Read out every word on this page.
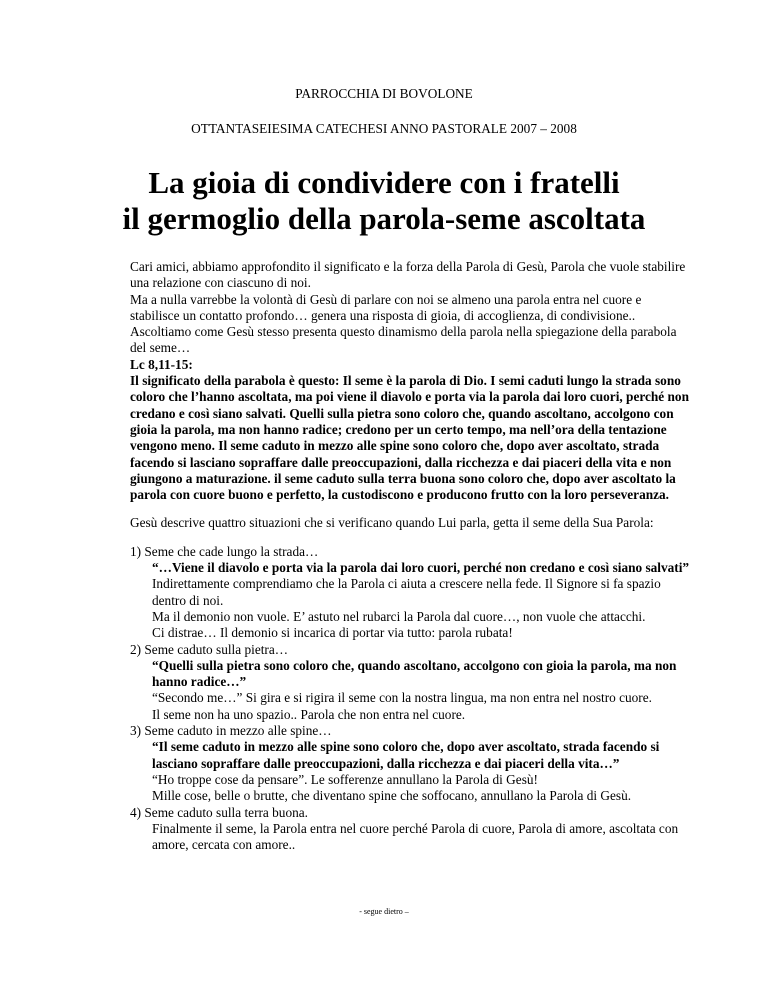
PARROCCHIA DI BOVOLONE
OTTANTASEIESIMA CATECHESI ANNO PASTORALE 2007 – 2008
La gioia di condividere con i fratelli
il germoglio della parola-seme ascoltata

Cari amici, abbiamo approfondito il significato e la forza della Parola di Gesù, Parola che vuole stabilire una relazione con ciascuno di noi.

Ma a nulla varrebbe la volontà di Gesù di parlare con noi se almeno una parola entra nel cuore e stabilisce un contatto profondo… genera una risposta di gioia, di accoglienza, di condivisione..

Ascoltiamo come Gesù stesso presenta questo dinamismo della parola nella spiegazione della parabola del seme…

Lc 8,11-15:

Il significato della parabola è questo: Il seme è la parola di Dio. I semi caduti lungo la strada sono coloro che l’hanno ascoltata, ma poi viene il diavolo e porta via la parola dai loro cuori, perché non credano e così siano salvati. Quelli sulla pietra sono coloro che, quando ascoltano, accolgono con gioia la parola, ma non hanno radice; credono per un certo tempo, ma nell’ora della tentazione vengono meno. Il seme caduto in mezzo alle spine sono coloro che, dopo aver ascoltato, strada facendo si lasciano sopraffare dalle preoccupazioni, dalla ricchezza e dai piaceri della vita e non giungono a maturazione. il seme caduto sulla terra buona sono coloro che, dopo aver ascoltato la parola con cuore buono e perfetto, la custodiscono e producono frutto con la loro perseveranza.

Gesù descrive quattro situazioni che si verificano quando Lui parla, getta il seme della Sua Parola:

1) Seme che cade lungo la strada…
“…Viene il diavolo e porta via la parola dai loro cuori, perché non credano e così siano salvati”
Indirettamente comprendiamo che la Parola ci aiuta a crescere nella fede. Il Signore si fa spazio dentro di noi.
Ma il demonio non vuole. E’ astuto nel rubarci la Parola dal cuore…, non vuole che attacchi.
Ci distrae… Il demonio si incarica di portar via tutto: parola rubata!
2) Seme caduto sulla pietra…
“Quelli sulla pietra sono coloro che, quando ascoltano, accolgono con gioia la parola, ma non hanno radice…”
“Secondo me…” Si gira e si rigira il seme con la nostra lingua, ma non entra nel nostro cuore.
Il seme non ha uno spazio.. Parola che non entra nel cuore.
3) Seme caduto in mezzo alle spine…
“Il seme caduto in mezzo alle spine sono coloro che, dopo aver ascoltato, strada facendo si lasciano sopraffare dalle preoccupazioni, dalla ricchezza e dai piaceri della vita…”
“Ho troppe cose da pensare”. Le sofferenze annullano la Parola di Gesù!
Mille cose, belle o brutte, che diventano spine che soffocano, annullano la Parola di Gesù.
4) Seme caduto sulla terra buona.
Finalmente il seme, la Parola entra nel cuore perché Parola di cuore, Parola di amore, ascoltata con amore, cercata con amore..
- segue dietro –
